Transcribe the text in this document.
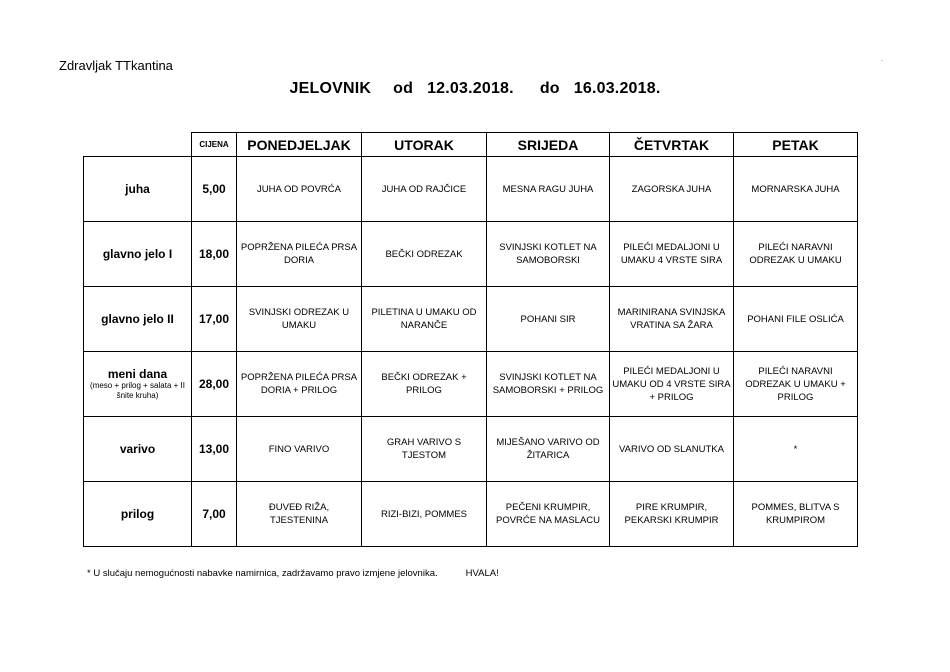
Zdravljak TTkantina	.
JELOVNIK od 12.03.2018. do 16.03.2018.
	CIJENA	PONEDJELJAK	UTORAK	SRIJEDA	ČETVRTAK	PETAK
juha	5,00	JUHA OD POVRĆA	JUHA OD RAJČICE	MESNA RAGU JUHA	ZAGORSKA JUHA	MORNARSKA JUHA
glavno jelo I	18,00	POPRŽENA PILEĆA PRSA DORIA	BEČKI ODREZAK	SVINJSKI KOTLET NA SAMOBORSKI	PILEĆI MEDALJONI U UMAKU 4 VRSTE SIRA	PILEĆI NARAVNI ODREZAK U UMAKU
glavno jelo II	17,00	SVINJSKI ODREZAK U UMAKU	PILETINA U UMAKU OD NARANČE	POHANI SIR	MARINIRANA SVINJSKA VRATINA SA ŽARA	POHANI FILE OSLIĆA
meni dana
(meso + prilog + salata + II šnite kruha)	28,00	POPRŽENA PILEĆA PRSA DORIA + PRILOG	BEČKI ODREZAK + PRILOG	SVINJSKI KOTLET NA SAMOBORSKI + PRILOG	PILEĆI MEDALJONI U UMAKU OD 4 VRSTE SIRA + PRILOG	PILEĆI NARAVNI ODREZAK U UMAKU + PRILOG
varivo	13,00	FINO VARIVO	GRAH VARIVO S TJESTOM	MIJEŠANO VARIVO OD ŽITARICA	VARIVO OD SLANUTKA	*
prilog	7,00	ĐUVEĐ RIŽA, TJESTENINA	RIZI-BIZI, POMMES	PEČENI KRUMPIR, POVRĆE NA MASLACU	PIRE KRUMPIR, PEKARSKI KRUMPIR	POMMES, BLITVA S KRUMPIROM
* U slučaju nemogućnosti nabavke namirnica, zadržavamo pravo izmjene jelovnika.	HVALA!
